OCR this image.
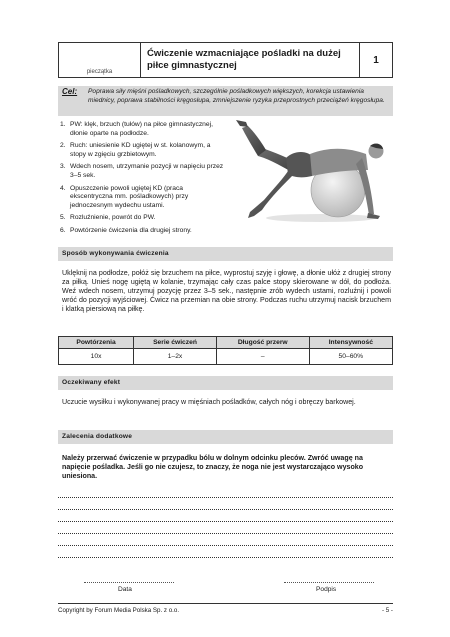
pieczątka
Ćwiczenie wzmacniające pośladki na dużej piłce gimnastycznej	1
Cel: Poprawa siły mięśni pośladkowych, szczególnie pośladkowych większych, korekcja ustawienia miednicy, poprawa stabilności kręgosłupa, zmniejszenie ryzyka przeprostnych przeciążeń kręgosłupa.
1. PW: klęk, brzuch (tułów) na piłce gimnastycznej, dłonie oparte na podłodze.
2. Ruch: uniesienie KD ugiętej w st. kolanowym, a stopy w zgięciu grzbietowym.
3. Wdech nosem, utrzymanie pozycji w napięciu przez 3–5 sek.
4. Opuszczenie powoli ugiętej KD (praca ekscentryczna mm. pośladkowych) przy jednoczesnym wydechu ustami.
5. Rozluźnienie, powrót do PW.
6. Powtórzenie ćwiczenia dla drugiej strony.
Sposób wykonywania ćwiczenia
Uklęknij na podłodze, połóż się brzuchem na piłce, wyprostuj szyję i głowę, a dłonie ułóż z drugiej strony za piłką. Unieś nogę ugiętą w kolanie, trzymając cały czas palce stopy skierowane w dół, do podłoża. Weź wdech nosem, utrzymuj pozycję przez 3–5 sek., następnie zrób wydech ustami, rozluźnij i powoli wróć do pozycji wyjściowej. Ćwicz na przemian na obie strony. Podczas ruchu utrzymuj nacisk brzuchem i klatką piersiową na piłkę.
Powtórzenia	Serie ćwiczeń	Długość przerw	Intensywność
10x	1–2x	–	50–60%
Oczekiwany efekt
Uczucie wysiłku i wykonywanej pracy w mięśniach pośladków, całych nóg i obręczy barkowej.
Zalecenia dodatkowe
Należy przerwać ćwiczenie w przypadku bólu w dolnym odcinku pleców. Zwróć uwagę na napięcie pośladka. Jeśli go nie czujesz, to znaczy, że noga nie jest wystarczająco wysoko uniesiona.
Data	Podpis
Copyright by Forum Media Polska Sp. z o.o.	- 5 -
